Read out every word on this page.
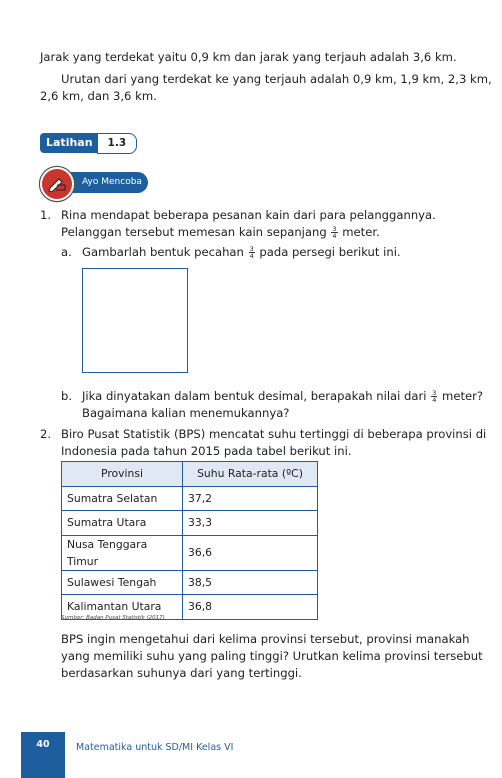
Jarak yang terdekat yaitu 0,9 km dan jarak yang terjauh adalah 3,6 km.

Urutan dari yang terdekat ke yang terjauh adalah 0,9 km, 1,9 km, 2,3 km,

2,6 km, dan 3,6 km.

Latihan	1.3
Ayo Mencoba

1. Rina mendapat beberapa pesanan kain dari para pelanggannya.

Pelanggan tersebut memesan kain sepanjang $\frac{3}{4}$ meter.

a. Gambarlah bentuk pecahan $\frac{3}{4}$ pada persegi berikut ini.

b. Jika dinyatakan dalam bentuk desimal, berapakah nilai dari $\frac{3}{4}$ meter?

Bagaimana kalian menemukannya?

2. Biro Pusat Statistik (BPS) mencatat suhu tertinggi di beberapa provinsi di

Indonesia pada tahun 2015 pada tabel berikut ini.

Provinsi	Suhu Rata-rata (ºC)
Sumatra Selatan	37,2
Sumatra Utara	33,3
Nusa Tenggara Timur	36,6
Sulawesi Tengah	38,5
Kalimantan Utara	36,8

Sumber: Badan Pusat Statistik (2017)

BPS ingin mengetahui dari kelima provinsi tersebut, provinsi manakah

yang memiliki suhu yang paling tinggi? Urutkan kelima provinsi tersebut

berdasarkan suhunya dari yang tertinggi.

40	Matematika untuk SD/MI Kelas VI
